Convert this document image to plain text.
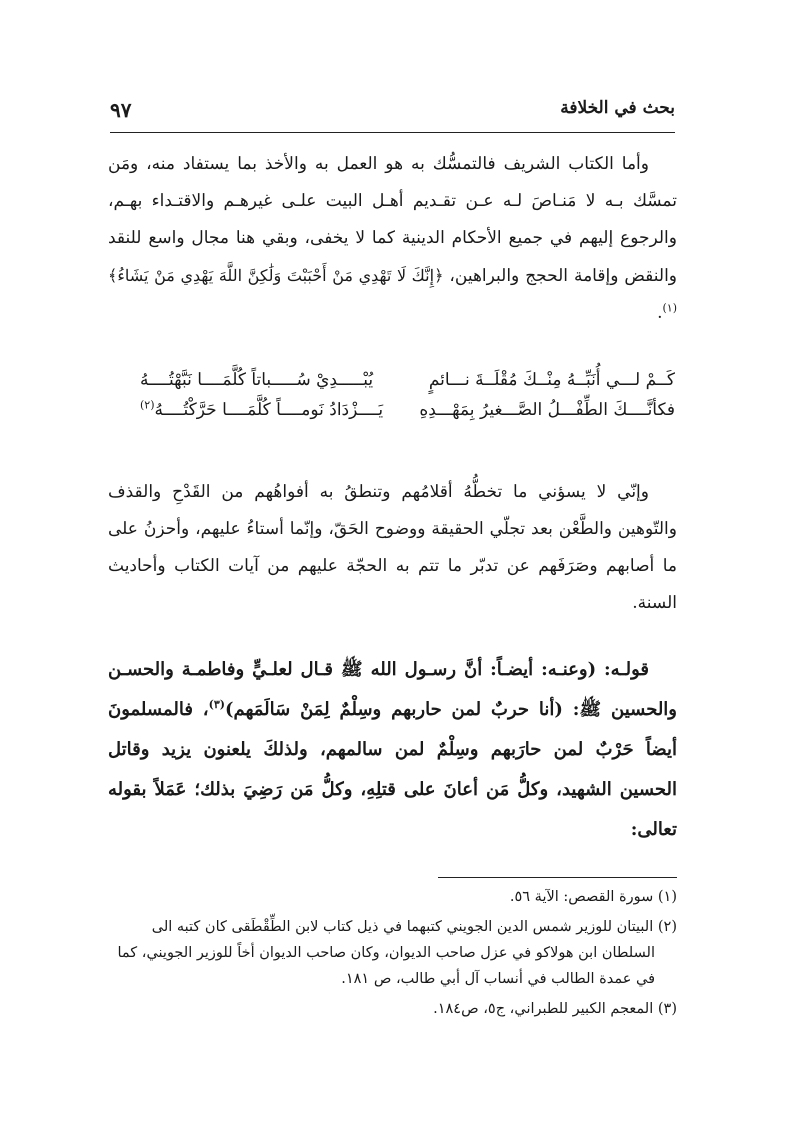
بحث في الخلافة
٩٧

وأما الكتاب الشريف فالتمسُّك به هو العمل به والأخذ بما يستفاد منه، ومَن تمسَّك بـه لا مَنـاصَ لـه عـن تقـديم أهـل البيت علـى غيرهـم والاقتـداء بهـم، والرجوع إليهم في جميع الأحكام الدينية كما لا يخفى، وبقي هنا مجال واسع للنقد والنقض وإقامة الحجج والبراهين، ﴿إِنَّكَ لَا تَهْدِي مَنْ أَحْبَبْتَ وَلَٰكِنَّ اللَّهَ يَهْدِي مَنْ يَشَاءُ﴾$^{(١)}$.

كَــمْ لـــي أُنَبِّــهُ مِنْــكَ مُقْلَــةَ نـــائمٍ
يُبْـــــدِيْ سُـــــباتاً كُلَّمَــــا نَبَّهْتُــــهُ
فكأنَّــــكَ الطِّفْـــلُ الصَّـــغيرُ بِمَهْـــدِهِ
يَــــزْدَادُ نَومــــاً كُلَّمَــــا حَرَّكْتُــــهُ$^{(٢)}$

وإنّي لا يسؤني ما تخطُّهُ أقلامُهم وتنطقُ به أفواهُهم من القَدْحِ والقذف والتّوهين والطَّعْن بعد تجلّي الحقيقة ووضوح الحَقّ، وإنّما أستاءُ عليهم، وأحزنُ على ما أصابهم وصَرَفَهم عن تدبّر ما تتم به الحجّة عليهم من آيات الكتاب وأحاديث السنة.

قولـه: (وعنـه: أيضـاً: أنَّ رسـول الله ﷺ قـال لعلـيٍّ وفاطمـة والحسـن والحسين ﷺ: (أنا حربٌ لمن حاربهم وسِلْمٌ لِمَنْ سَالَمَهم)$^{(٣)}$، فالمسلمونَ أيضاً حَرْبٌ لمن حارَبهم وسِلْمٌ لمن سالمهم، ولذلكَ يلعنون يزيد وقاتل الحسين الشهيد، وكلُّ مَن أعانَ على قتلِهِ، وكلُّ مَن رَضِيَ بذلك؛ عَمَلاً بقوله تعالى:

(١) سورة القصص: الآية ٥٦.

(٢) البيتان للوزير شمس الدين الجويني كتبهما في ذيل كتاب لابن الطِّقْطَقى كان كتبه الى
السلطان ابن هولاكو في عزل صاحب الديوان، وكان صاحب الديوان أخاً للوزير الجويني، كما في عمدة الطالب في أنساب آل أبي طالب، ص ١٨١.

(٣) المعجم الكبير للطبراني، ج٥، ص١٨٤.
